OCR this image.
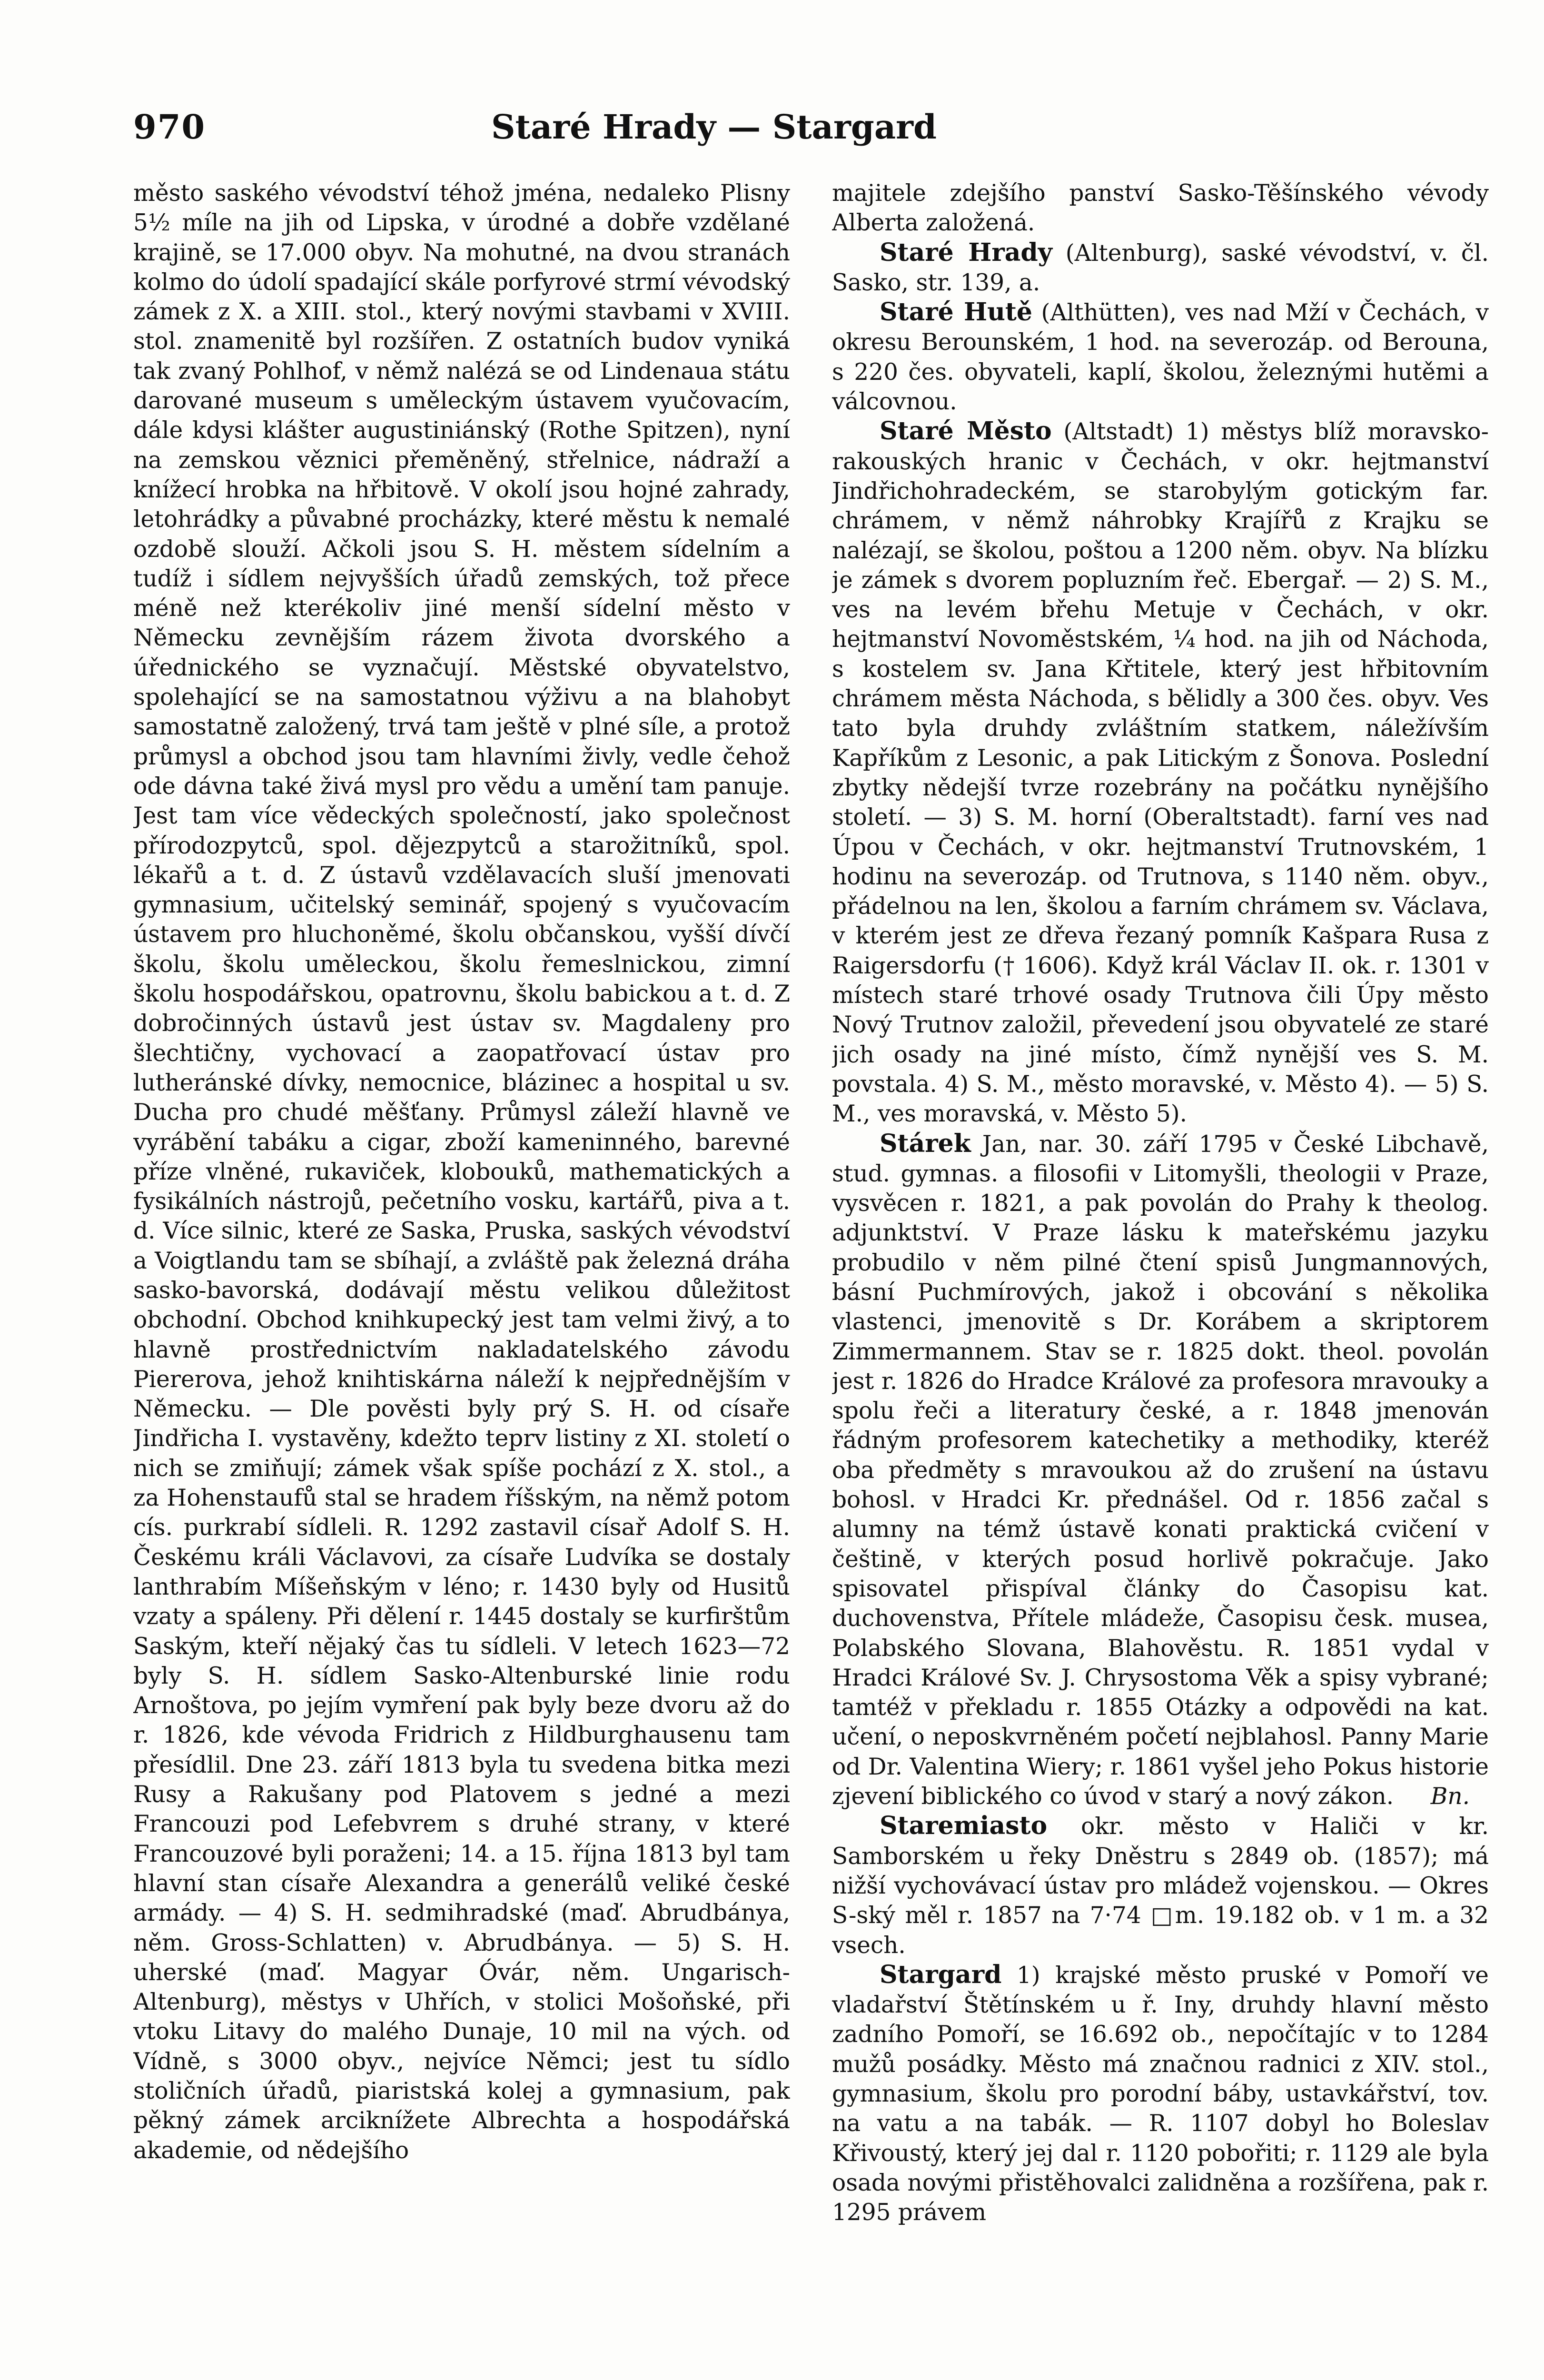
970	Staré Hrady — Stargard

město saského vévodství téhož jména, nedaleko Plisny 5½ míle na jih od Lipska, v úrodné a dobře vzdělané krajině, se 17.000 obyv. Na mohutné, na dvou stranách kolmo do údolí spadající skále porfyrové strmí vévodský zámek z X. a XIII. stol., který novými stavbami v XVIII. stol. znamenitě byl rozšířen. Z ostatních budov vyniká tak zvaný Pohlhof, v němž nalézá se od Lindenaua státu darované museum s uměleckým ústavem vyučovacím, dále kdysi klášter augustiniánský (Rothe Spitzen), nyní na zemskou věznici přeměněný, střelnice, nádraží a knížecí hrobka na hřbitově. V okolí jsou hojné zahrady, letohrádky a půvabné procházky, které městu k nemalé ozdobě slouží. Ačkoli jsou S. H. městem sídelním a tudíž i sídlem nejvyšších úřadů zemských, tož přece méně než kterékoliv jiné menší sídelní město v Německu zevnějším rázem života dvorského a úřednického se vyznačují. Městské obyvatelstvo, spolehající se na samostatnou výživu a na blahobyt samostatně založený, trvá tam ještě v plné síle, a protož průmysl a obchod jsou tam hlavními živly, vedle čehož ode dávna také živá mysl pro vědu a umění tam panuje. Jest tam více vědeckých společností, jako společnost přírodozpytců, spol. dějezpytců a starožitníků, spol. lékařů a t. d. Z ústavů vzdělavacích sluší jmenovati gymnasium, učitelský seminář, spojený s vyučovacím ústavem pro hluchoněmé, školu občanskou, vyšší dívčí školu, školu uměleckou, školu řemeslnickou, zimní školu hospodářskou, opatrovnu, školu babickou a t. d. Z dobročinných ústavů jest ústav sv. Magdaleny pro šlechtičny, vychovací a zaopatřovací ústav pro lutheránské dívky, nemocnice, blázinec a hospital u sv. Ducha pro chudé měšťany. Průmysl záleží hlavně ve vyrábění tabáku a cigar, zboží kameninného, barevné příze vlněné, rukaviček, klobouků, mathematických a fysikálních nástrojů, pečetního vosku, kartářů, piva a t. d. Více silnic, které ze Saska, Pruska, saských vévodství a Voigtlandu tam se sbíhají, a zvláště pak železná dráha sasko-bavorská, dodávají městu velikou důležitost obchodní. Obchod knihkupecký jest tam velmi živý, a to hlavně prostřednictvím nakladatelského závodu Piererova, jehož knihtiskárna náleží k nejpřednějším v Německu. — Dle pověsti byly prý S. H. od císaře Jindřicha I. vystavěny, kdežto teprv listiny z XI. století o nich se zmiňují; zámek však spíše pochází z X. stol., a za Hohenstaufů stal se hradem říšským, na němž potom cís. purkrabí sídleli. R. 1292 zastavil císař Adolf S. H. Českému králi Václavovi, za císaře Ludvíka se dostaly lanthrabím Míšeňským v léno; r. 1430 byly od Husitů vzaty a spáleny. Při dělení r. 1445 dostaly se kurfirštům Saským, kteří nějaký čas tu sídleli. V letech 1623—72 byly S. H. sídlem Sasko-Altenburské linie rodu Arnoštova, po jejím vymření pak byly beze dvoru až do r. 1826, kde vévoda Fridrich z Hildburghausenu tam přesídlil. Dne 23. září 1813 byla tu svedena bitka mezi Rusy a Rakušany pod Platovem s jedné a mezi Francouzi pod Lefebvrem s druhé strany, v které Francouzové byli poraženi; 14. a 15. října 1813 byl tam hlavní stan císaře Alexandra a generálů veliké české armády. — 4) S. H. sedmihradské (maď. Abrudbánya, něm. Gross-Schlatten) v. Abrudbánya. — 5) S. H. uherské (maď. Magyar Óvár, něm. Ungarisch-Altenburg), městys v Uhřích, v stolici Mošoňské, při vtoku Litavy do malého Dunaje, 10 mil na vých. od Vídně, s 3000 obyv., nejvíce Němci; jest tu sídlo stoličních úřadů, piaristská kolej a gymnasium, pak pěkný zámek arciknížete Albrechta a hospodářská akademie, od nědejšího

majitele zdejšího panství Sasko-Těšínského vévody Alberta založená.

Staré Hrady (Altenburg), saské vévodství, v. čl. Sasko, str. 139, a.

Staré Hutě (Althütten), ves nad Mží v Čechách, v okresu Berounském, 1 hod. na severozáp. od Berouna, s 220 čes. obyvateli, kaplí, školou, železnými hutěmi a válcovnou.

Staré Město (Altstadt) 1) městys blíž moravsko-rakouských hranic v Čechách, v okr. hejtmanství Jindřichohradeckém, se starobylým gotickým far. chrámem, v němž náhrobky Krajířů z Krajku se nalézají, se školou, poštou a 1200 něm. obyv. Na blízku je zámek s dvorem popluzním řeč. Ebergař. — 2) S. M., ves na levém břehu Metuje v Čechách, v okr. hejtmanství Novoměstském, ¼ hod. na jih od Náchoda, s kostelem sv. Jana Křtitele, který jest hřbitovním chrámem města Náchoda, s bělidly a 300 čes. obyv. Ves tato byla druhdy zvláštním statkem, náležívším Kapříkům z Lesonic, a pak Litickým z Šonova. Poslední zbytky nědejší tvrze rozebrány na počátku nynějšího století. — 3) S. M. horní (Oberaltstadt). farní ves nad Úpou v Čechách, v okr. hejtmanství Trutnovském, 1 hodinu na severozáp. od Trutnova, s 1140 něm. obyv., přádelnou na len, školou a farním chrámem sv. Václava, v kterém jest ze dřeva řezaný pomník Kašpara Rusa z Raigersdorfu († 1606). Když král Václav II. ok. r. 1301 v místech staré trhové osady Trutnova čili Úpy město Nový Trutnov založil, převedení jsou obyvatelé ze staré jich osady na jiné místo, čímž nynější ves S. M. povstala. 4) S. M., město moravské, v. Město 4). — 5) S. M., ves moravská, v. Město 5).

Stárek Jan, nar. 30. září 1795 v České Libchavě, stud. gymnas. a filosofii v Litomyšli, theologii v Praze, vysvěcen r. 1821, a pak povolán do Prahy k theolog. adjunktství. V Praze lásku k mateřskému jazyku probudilo v něm pilné čtení spisů Jungmannových, básní Puchmírových, jakož i obcování s několika vlastenci, jmenovitě s Dr. Korábem a skriptorem Zimmermannem. Stav se r. 1825 dokt. theol. povolán jest r. 1826 do Hradce Králové za profesora mravouky a spolu řeči a literatury české, a r. 1848 jmenován řádným profesorem katechetiky a methodiky, kteréž oba předměty s mravoukou až do zrušení na ústavu bohosl. v Hradci Kr. přednášel. Od r. 1856 začal s alumny na témž ústavě konati praktická cvičení v češtině, v kterých posud horlivě pokračuje. Jako spisovatel přispíval články do Časopisu kat. duchovenstva, Přítele mládeže, Časopisu česk. musea, Polabského Slovana, Blahověstu. R. 1851 vydal v Hradci Králové Sv. J. Chrysostoma Věk a spisy vybrané; tamtéž v překladu r. 1855 Otázky a odpovědi na kat. učení, o neposkvrněném početí nejblahosl. Panny Marie od Dr. Valentina Wiery; r. 1861 vyšel jeho Pokus historie zjevení biblického co úvod v starý a nový zákon. Bn.

Staremiasto okr. město v Haliči v kr. Samborském u řeky Dněstru s 2849 ob. (1857); má nižší vychovávací ústav pro mládež vojenskou. — Okres S-ský měl r. 1857 na 7·74 □m. 19.182 ob. v 1 m. a 32 vsech.

Stargard 1) krajské město pruské v Pomoří ve vladařství Štětínském u ř. Iny, druhdy hlavní město zadního Pomoří, se 16.692 ob., nepočítajíc v to 1284 mužů posádky. Město má značnou radnici z XIV. stol., gymnasium, školu pro porodní báby, ustavkářství, tov. na vatu a na tabák. — R. 1107 dobyl ho Boleslav Křivoustý, který jej dal r. 1120 pobořiti; r. 1129 ale byla osada novými přistěhovalci zalidněna a rozšířena, pak r. 1295 právem
